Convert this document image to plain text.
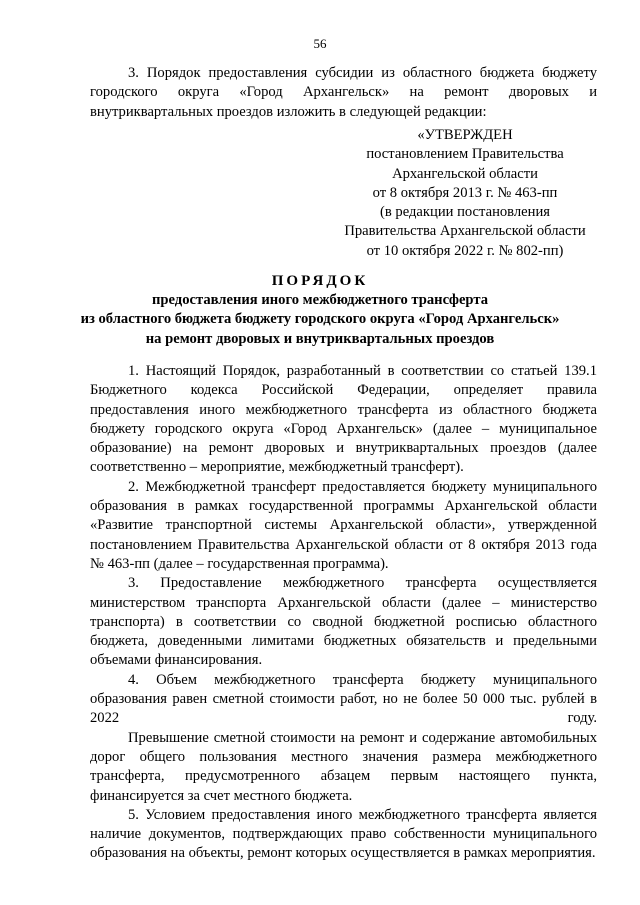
56

3. Порядок предоставления субсидии из областного бюджета бюджету городского округа «Город Архангельск» на ремонт дворовых и внутриквартальных проездов изложить в следующей редакции:

«УТВЕРЖДЕН
постановлением Правительства
Архангельской области
от 8 октября 2013 г. № 463-пп
(в редакции постановления
Правительства Архангельской области
от 10 октября 2022 г. № 802-пп)
ПОРЯДОК
предоставления иного межбюджетного трансферта
из областного бюджета бюджету городского округа «Город Архангельск»
на ремонт дворовых и внутриквартальных проездов

1. Настоящий Порядок, разработанный в соответствии со статьей 139.1 Бюджетного кодекса Российской Федерации, определяет правила предоставления иного межбюджетного трансферта из областного бюджета бюджету городского округа «Город Архангельск» (далее – муниципальное образование) на ремонт дворовых и внутриквартальных проездов (далее соответственно – мероприятие, межбюджетный трансферт).

2. Межбюджетной трансферт предоставляется бюджету муниципального образования в рамках государственной программы Архангельской области «Развитие транспортной системы Архангельской области», утвержденной постановлением Правительства Архангельской области от 8 октября 2013 года № 463-пп (далее – государственная программа).

3. Предоставление межбюджетного трансферта осуществляется министерством транспорта Архангельской области (далее – министерство транспорта) в соответствии со сводной бюджетной росписью областного бюджета, доведенными лимитами бюджетных обязательств и предельными объемами финансирования.

4. Объем межбюджетного трансферта бюджету муниципального образования равен сметной стоимости работ, но не более 50 000 тыс. рублей в 2022 году.

Превышение сметной стоимости на ремонт и содержание автомобильных дорог общего пользования местного значения размера межбюджетного трансферта, предусмотренного абзацем первым настоящего пункта, финансируется за счет местного бюджета.

5. Условием предоставления иного межбюджетного трансферта является наличие документов, подтверждающих право собственности муниципального образования на объекты, ремонт которых осуществляется в рамках мероприятия.
